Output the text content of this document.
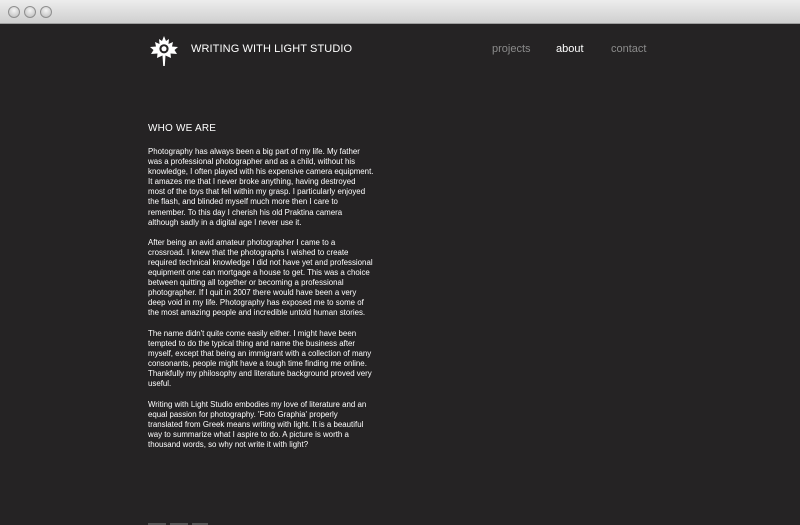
WRITING WITH LIGHT STUDIO	projects about contact
WHO WE ARE

Photography has always been a big part of my life. My father was a professional photographer and as a child, without his knowledge, I often played with his expensive camera equipment. It amazes me that I never broke anything, having destroyed most of the toys that fell within my grasp. I particularly enjoyed the flash, and blinded myself much more then I care to remember. To this day I cherish his old Praktina camera although sadly in a digital age I never use it.

After being an avid amateur photographer I came to a crossroad. I knew that the photographs I wished to create required technical knowledge I did not have yet and professional equipment one can mortgage a house to get. This was a choice between quitting all together or becoming a professional photographer. If I quit in 2007 there would have been a very deep void in my life. Photography has exposed me to some of the most amazing people and incredible untold human stories.

The name didn't quite come easily either. I might have been tempted to do the typical thing and name the business after myself, except that being an immigrant with a collection of many consonants, people might have a tough time finding me online. Thankfully my philosophy and literature background proved very useful.

Writing with Light Studio embodies my love of literature and an equal passion for photography. 'Foto Graphia' properly translated from Greek means writing with light. It is a beautiful way to summarize what I aspire to do. A picture is worth a thousand words, so why not write it with light?
